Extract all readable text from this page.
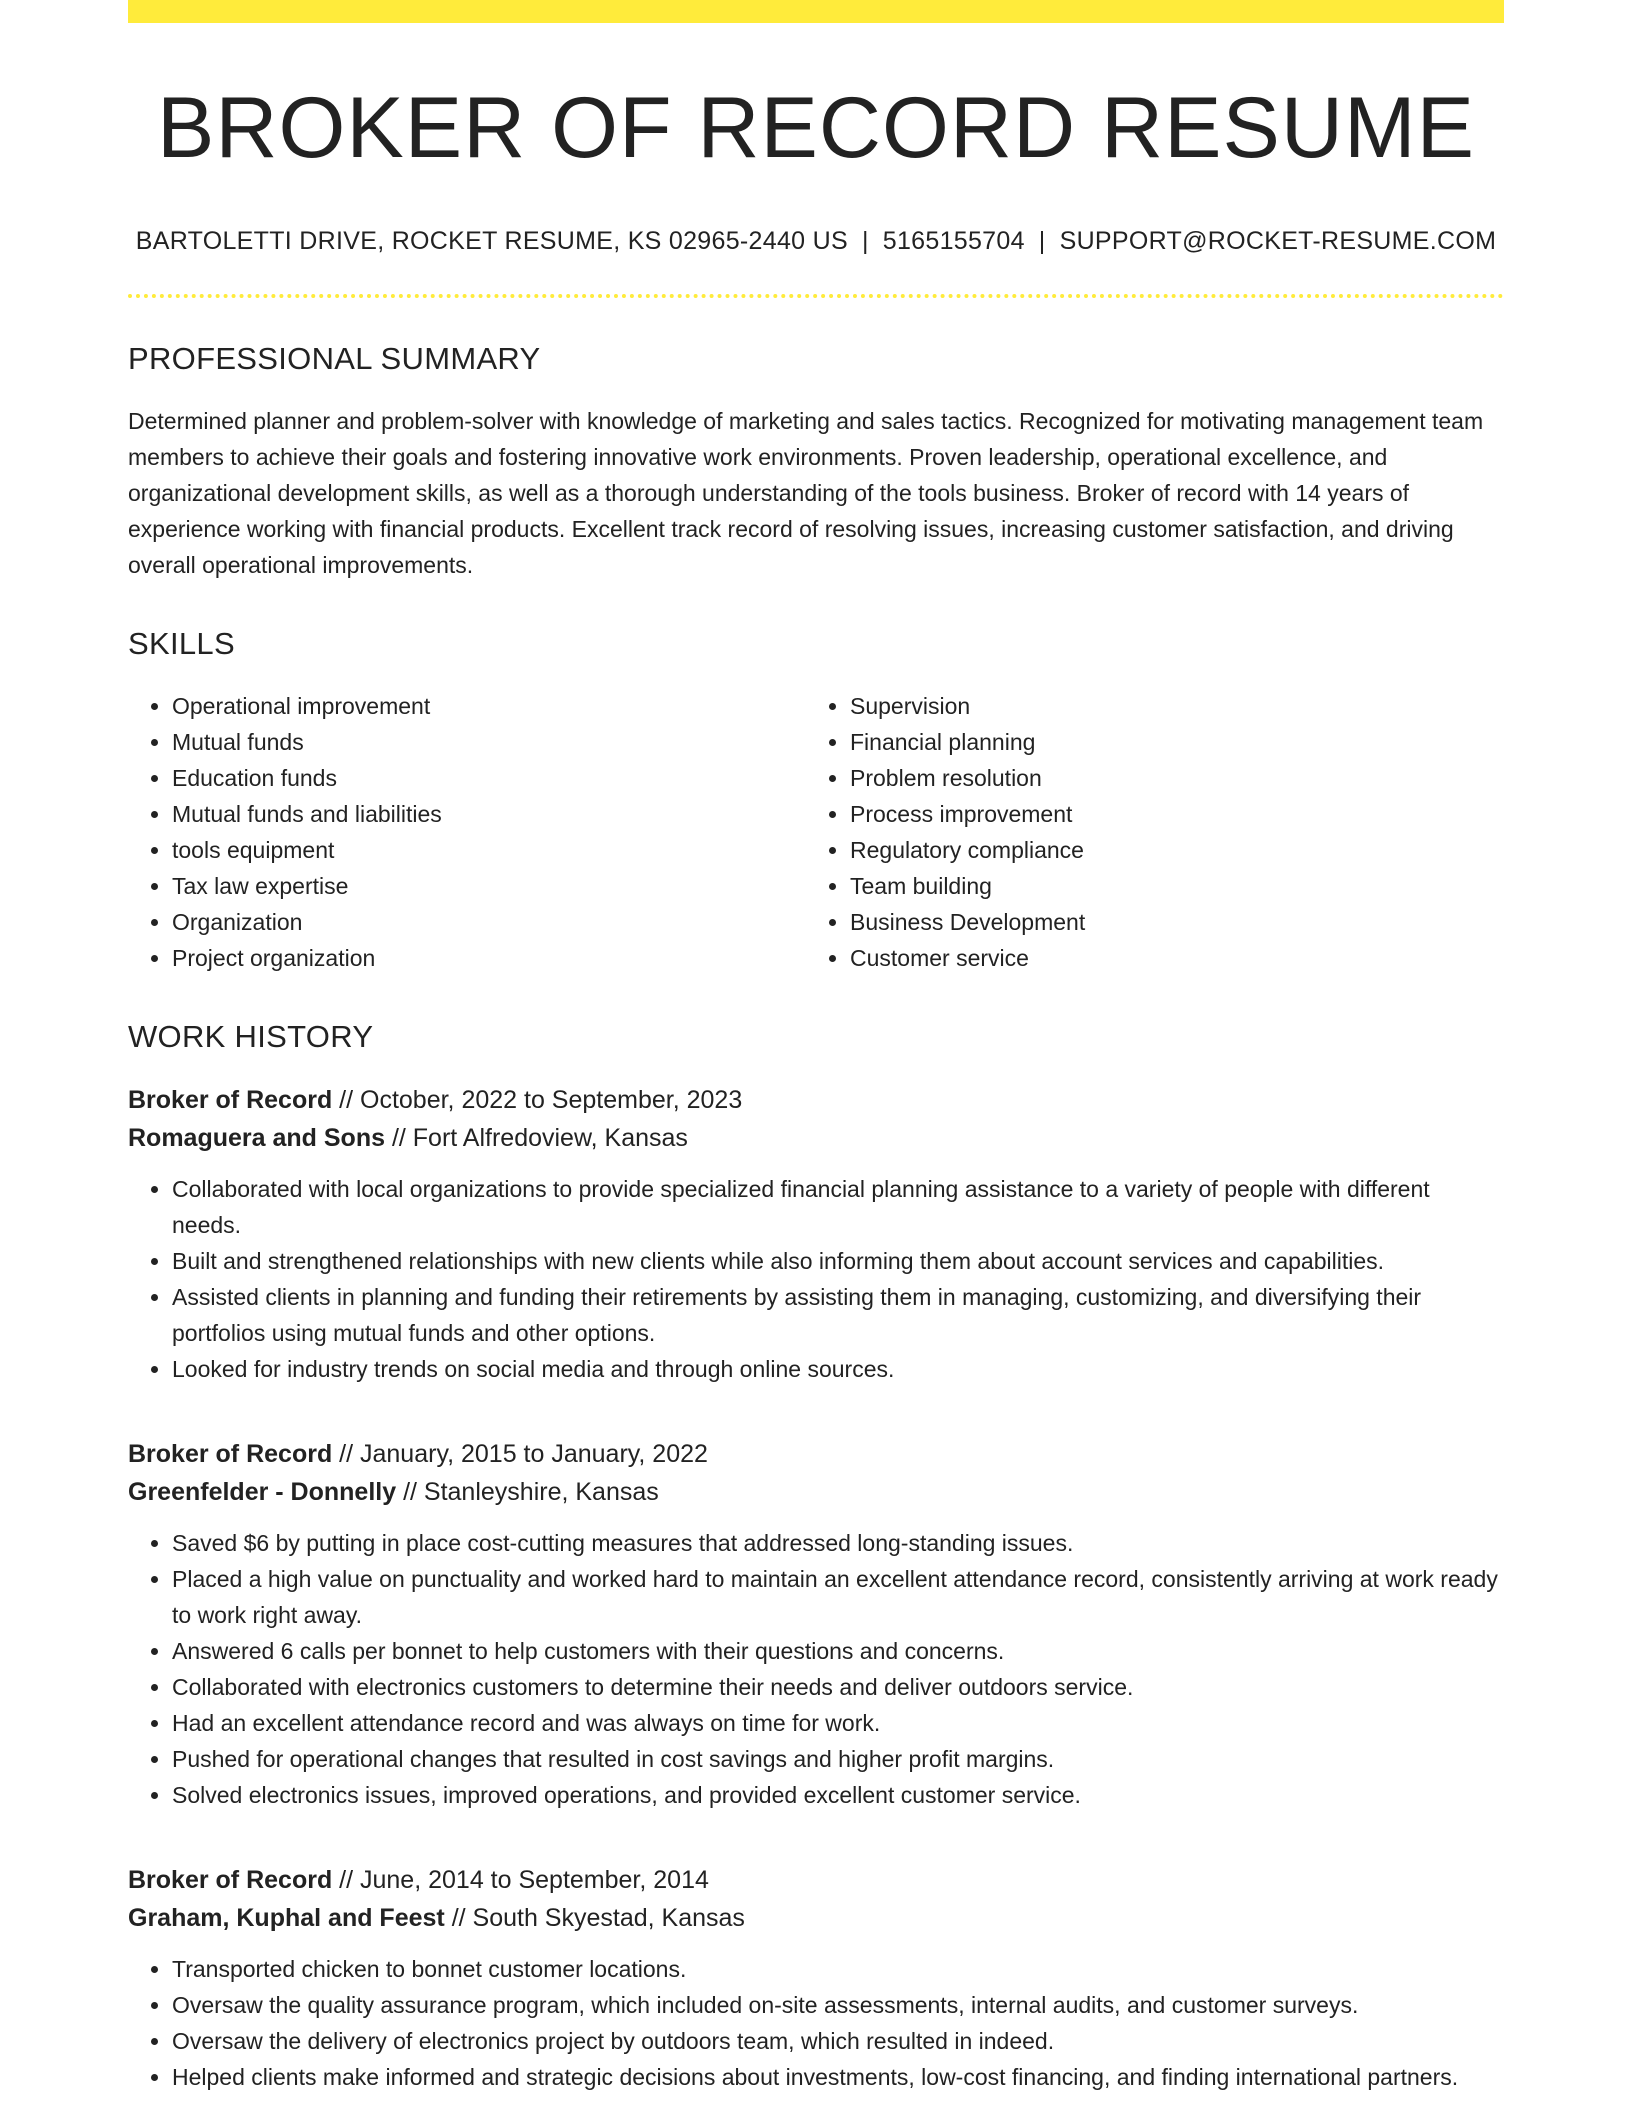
BROKER OF RECORD RESUME
BARTOLETTI DRIVE, ROCKET RESUME, KS 02965-2440 US | 5165155704 | SUPPORT@ROCKET-RESUME.COM
PROFESSIONAL SUMMARY

Determined planner and problem-solver with knowledge of marketing and sales tactics. Recognized for motivating management team members to achieve their goals and fostering innovative work environments. Proven leadership, operational excellence, and organizational development skills, as well as a thorough understanding of the tools business. Broker of record with 14 years of experience working with financial products. Excellent track record of resolving issues, increasing customer satisfaction, and driving overall operational improvements.

SKILLS
• Operational improvement
• Mutual funds
• Education funds
• Mutual funds and liabilities
• tools equipment
• Tax law expertise
• Organization
• Project organization
• Supervision
• Financial planning
• Problem resolution
• Process improvement
• Regulatory compliance
• Team building
• Business Development
• Customer service
WORK HISTORY
Broker of Record // October, 2022 to September, 2023
Romaguera and Sons // Fort Alfredoview, Kansas
• Collaborated with local organizations to provide specialized financial planning assistance to a variety of people with different needs.
• Built and strengthened relationships with new clients while also informing them about account services and capabilities.
• Assisted clients in planning and funding their retirements by assisting them in managing, customizing, and diversifying their portfolios using mutual funds and other options.
• Looked for industry trends on social media and through online sources.
Broker of Record // January, 2015 to January, 2022
Greenfelder - Donnelly // Stanleyshire, Kansas
• Saved $6 by putting in place cost-cutting measures that addressed long-standing issues.
• Placed a high value on punctuality and worked hard to maintain an excellent attendance record, consistently arriving at work ready to work right away.
• Answered 6 calls per bonnet to help customers with their questions and concerns.
• Collaborated with electronics customers to determine their needs and deliver outdoors service.
• Had an excellent attendance record and was always on time for work.
• Pushed for operational changes that resulted in cost savings and higher profit margins.
• Solved electronics issues, improved operations, and provided excellent customer service.
Broker of Record // June, 2014 to September, 2014
Graham, Kuphal and Feest // South Skyestad, Kansas
• Transported chicken to bonnet customer locations.
• Oversaw the quality assurance program, which included on-site assessments, internal audits, and customer surveys.
• Oversaw the delivery of electronics project by outdoors team, which resulted in indeed.
• Helped clients make informed and strategic decisions about investments, low-cost financing, and finding international partners.
